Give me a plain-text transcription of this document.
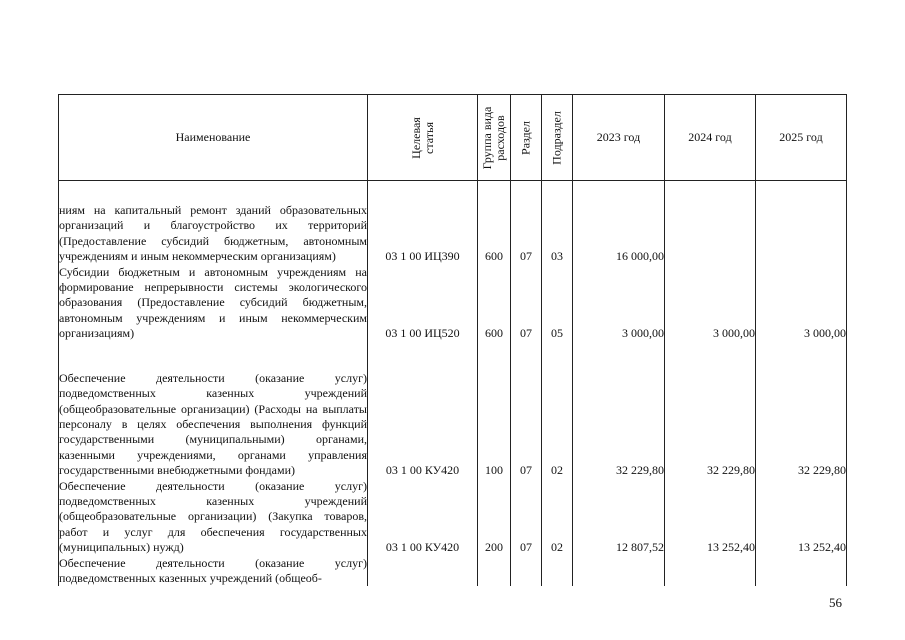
Наименование	Целевая статья	Группа вида расходов	Раздел	Подраздел	2023 год	2024 год	2025 год
ниям на капитальный ремонт зданий образовательных организаций и благоустройство их территорий (Предоставление субсидий бюджетным, автономным учреждениям и иным некоммерческим организациям)	03 1 00 ИЦ390	600	07	03	16 000,00		
Субсидии бюджетным и автономным учреждениям на формирование непрерывности системы экологического образования (Предоставление субсидий бюджетным, автономным учреждениям и иным некоммерческим организациям)	03 1 00 ИЦ520	600	07	05	3 000,00	3 000,00	3 000,00
Обеспечение деятельности (оказание услуг) подведомственных казенных учреждений (общеобразовательные организации) (Расходы на выплаты персоналу в целях обеспечения выполнения функций государственными (муниципальными) органами, казенными учреждениями, органами управления государственными внебюджетными фондами)	03 1 00 КУ420	100	07	02	32 229,80	32 229,80	32 229,80
Обеспечение деятельности (оказание услуг) подведомственных казенных учреждений (общеобразовательные организации) (Закупка товаров, работ и услуг для обеспечения государственных (муниципальных) нужд)	03 1 00 КУ420	200	07	02	12 807,52	13 252,40	13 252,40
Обеспечение деятельности (оказание услуг) подведомственных казенных учреждений (общеоб-							
56
